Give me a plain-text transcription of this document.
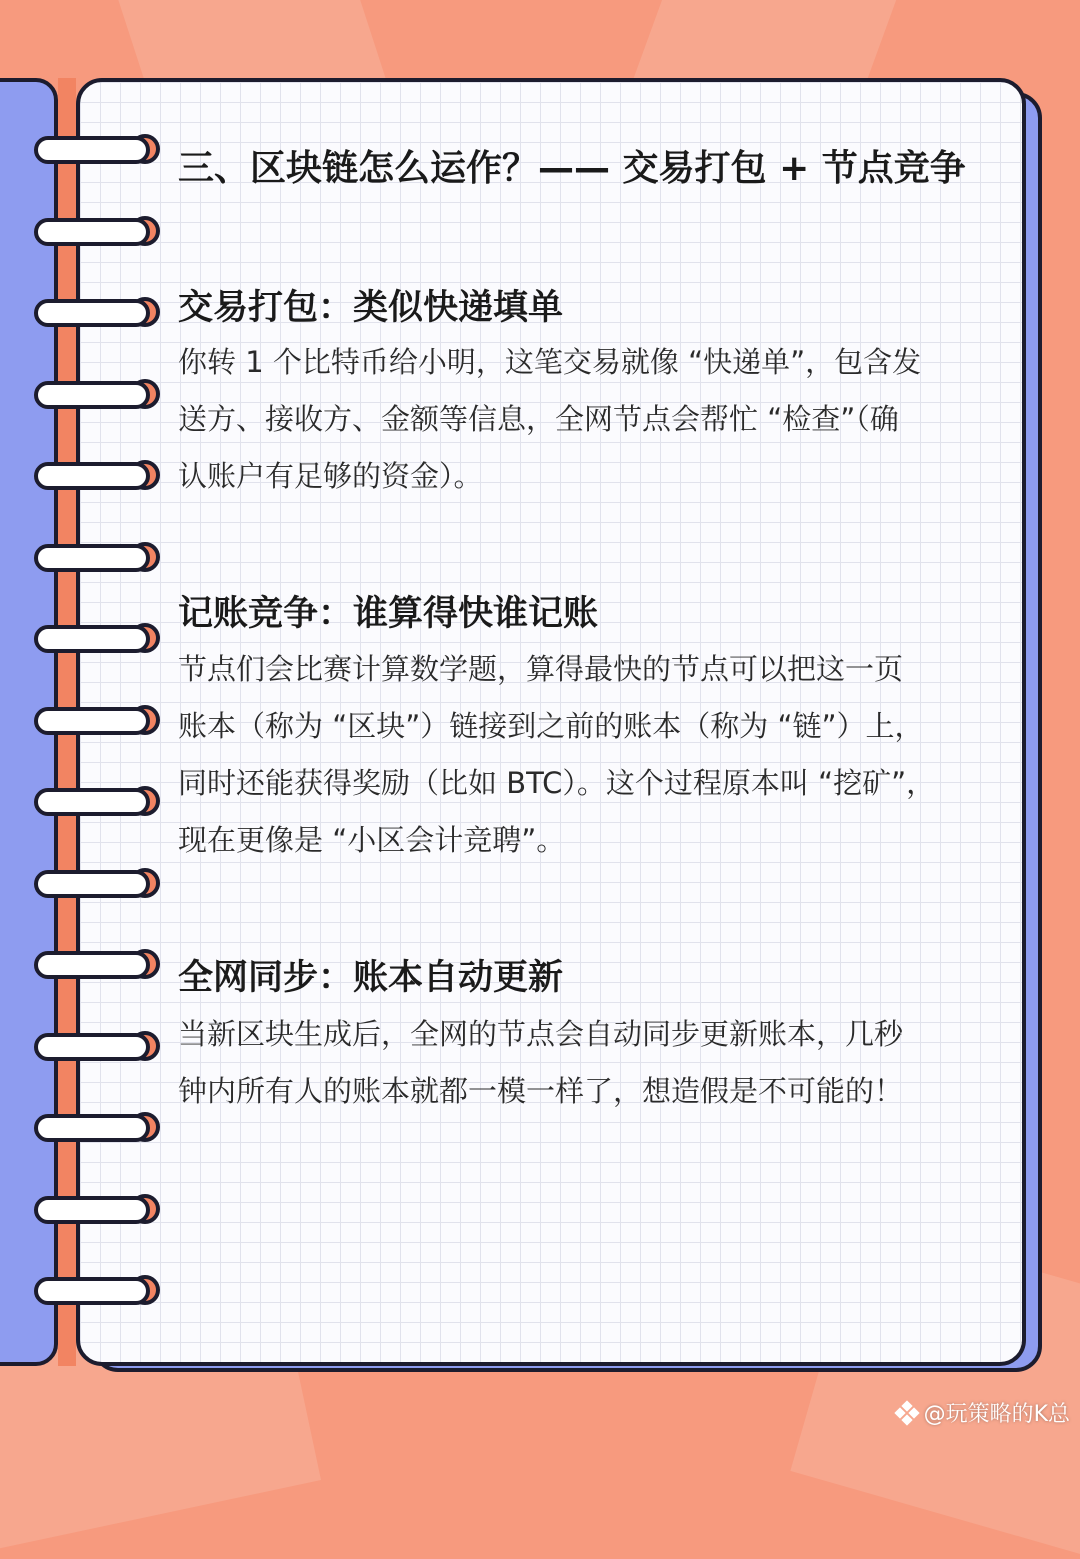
三、区块链怎么运作？—— 交易打包 + 节点竞争
交易打包：类似快递填单
你转 1 个比特币给小明，这笔交易就像 “快递单”，包含发
送方、接收方、金额等信息，全网节点会帮忙 “检查”（确
认账户有足够的资金）。
记账竞争：谁算得快谁记账
节点们会比赛计算数学题，算得最快的节点可以把这一页
账本（称为 “区块”）链接到之前的账本（称为 “链”）上，
同时还能获得奖励（比如 BTC）。这个过程原本叫 “挖矿”，
现在更像是 “小区会计竞聘”。
全网同步：账本自动更新
当新区块生成后，全网的节点会自动同步更新账本，几秒
钟内所有人的账本就都一模一样了，想造假是不可能的！
@玩策略的K总
